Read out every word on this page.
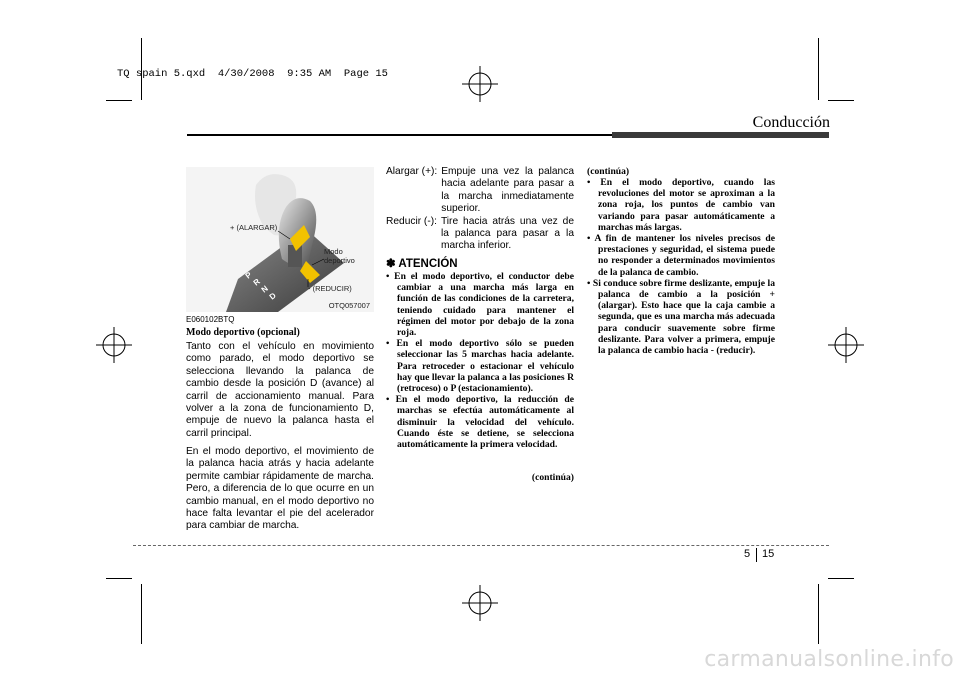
TQ spain 5.qxd  4/30/2008  9:35 AM  Page 15
Conducción
P
R
N
D
+ (ALARGAR)
Modo
deportivo
- (REDUCIR)
OTQ057007
E060102BTQ
Modo deportivo (opcional)
Tanto con el vehículo en movimiento como parado, el modo deportivo se selecciona llevando la palanca de cambio desde la posición D (avance) al carril de accionamiento manual. Para volver a la zona de funcionamiento D, empuje de nuevo la palanca hasta el carril principal.
En el modo deportivo, el movimiento de la palanca hacia atrás y hacia adelante permite cambiar rápidamente de marcha. Pero, a diferencia de lo que ocurre en un cambio manual, en el modo deportivo no hace falta levantar el pie del acelerador para cambiar de marcha.
Alargar (+): Empuje una vez la palanca hacia adelante para pasar a la marcha inmediatamente superior.
Reducir (-): Tire hacia atrás una vez de la palanca para pasar a la marcha inferior.
✽ ATENCIÓN
• En el modo deportivo, el conductor debe cambiar a una marcha más larga en función de las condiciones de la carretera, teniendo cuidado para mantener el régimen del motor por debajo de la zona roja.
• En el modo deportivo sólo se pueden seleccionar las 5 marchas hacia adelante. Para retroceder o estacionar el vehículo hay que llevar la palanca a las posiciones R (retroceso) o P (estacionamiento).
• En el modo deportivo, la reducción de marchas se efectúa automáticamente al disminuir la velocidad del vehículo. Cuando éste se detiene, se selecciona automáticamente la primera velocidad.
(continúa)
(continúa)
• En el modo deportivo, cuando las revoluciones del motor se aproximan a la zona roja, los puntos de cambio van variando para pasar automáticamente a marchas más largas.
• A fin de mantener los niveles precisos de prestaciones y seguridad, el sistema puede no responder a determinados movimientos de la palanca de cambio.
• Si conduce sobre firme deslizante, empuje la palanca de cambio a la posición + (alargar). Esto hace que la caja cambie a segunda, que es una marcha más adecuada para conducir suavemente sobre firme deslizante. Para volver a primera, empuje la palanca de cambio hacia - (reducir).
5 15
carmanualsonline.info
